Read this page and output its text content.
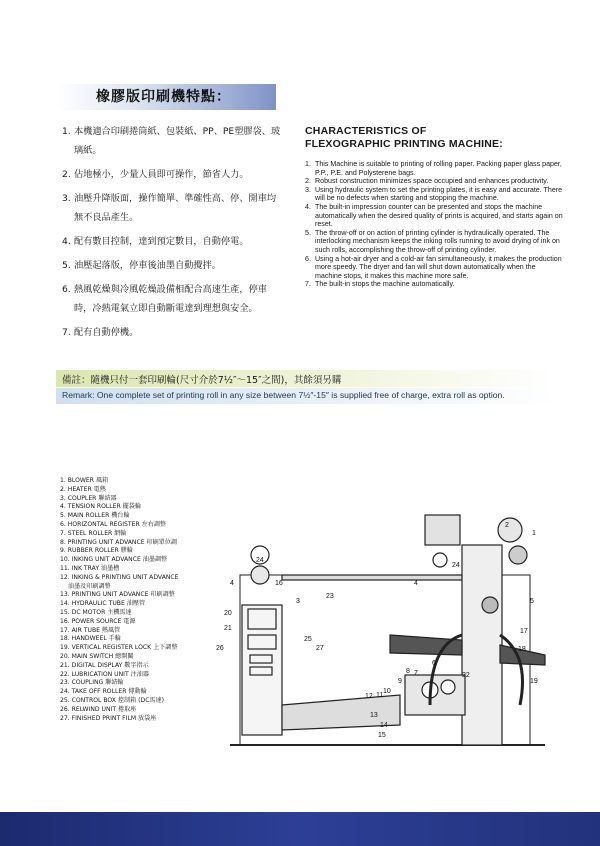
橡膠版印刷機特點：
1. 本機適合印刷捲筒紙、包裝紙、PP、PE塑膠袋、玻璃紙。
2. 佔地極小，少量人員即可操作，節省人力。
3. 油壓升降版面，操作簡單、準確性高、停、開車均無不良品產生。
4. 配有數目控制，達到預定數目，自動停電。
5. 油壓起落版，停車後油墨自動攪拌。
6. 熱風乾燥與冷風乾燥設備相配合高速生產，停車時，冷熱電氣立即自動斷電達到理想與安全。
7. 配有自動停機。
CHARACTERISTICS OF
FLEXOGRAPHIC PRINTING MACHINE:
1. This Machine is suitable to printing of rolling paper. Packing paper glass paper, P.P., P.E. and Polysterene bags.
2. Robust construction minimizes space occupied and enhances productivity.
3. Using hydraulic system to set the printing plates, it is easy and accurate. There will be no defects when starting and stopping the machine.
4. The built-in impression counter can be presented and stops the machine automatically when the desired quality of prints is acquired, and starts again on reset.
5. The throw-off or on action of printing cylinder is hydraulically operated. The interlocking mechanism keeps the inking rolls running to avoid drying of ink on such rolls, accomplishing the throw-off of printing cylinder.
6. Using a hot-air dryer and a cold-air fan simultaneously, it makes the production more speedy. The dryer and fan will shut down automatically when the machine stops, it makes this machine more safe.
7. The built-in stops the machine automatically.
備註：隨機只付一套印刷輪(尺寸介於7½″～15″之間)，其餘須另購
Remark: One complete set of printing roll in any size between 7½″-15″ is supplied free of charge, extra roll as option.
1. BLOWER 風箱
2. HEATER 電熱
3. COUPLER 聯結器
4. TENSION ROLLER 擺袋輪
5. MAIN ROLLER 機台輪
6. HORIZONTAL REGISTER 左右調整
7. STEEL ROLLER 網輪
8. PRINTING UNIT ADVANCE 印刷單位調
9. RUBBER ROLLER 膠輪
10. INKING UNIT ADVANCE 油墨調整
11. INK TRAY 油墨槽
12. INKING & PRINTING UNIT ADVANCE
油墨及印刷調整
13. PRINTING UNIT ADVANCE 印刷調整
14. HYDRAULIC TUBE 油壓管
15. DC MOTOR 主機馬達
16. POWER SOURCE 電源
17. AIR TUBE 熱風管
18. HANDWEEL 手輪
19. VERTICAL REGISTER LOCK 上下調整
20. MAIN SWITCH 總開關
21. DIGITAL DISPLAY 數字指示
22. LUBRICATION UNIT 注油器
23. COUPLING 聯結輪
24. TAKE OFF ROLLER 傳動輪
25. CONTROL BOX 控制箱 (DC馬達)
26. RELWIND UNIT 捲取座
27. FINISHED PRINT FILM 放袋座
1
2
3
4	4
5
6
7
8
9
10
11
12
13
14
15
16
17
18
19
20
21
22
23
24
24
25
26	27
